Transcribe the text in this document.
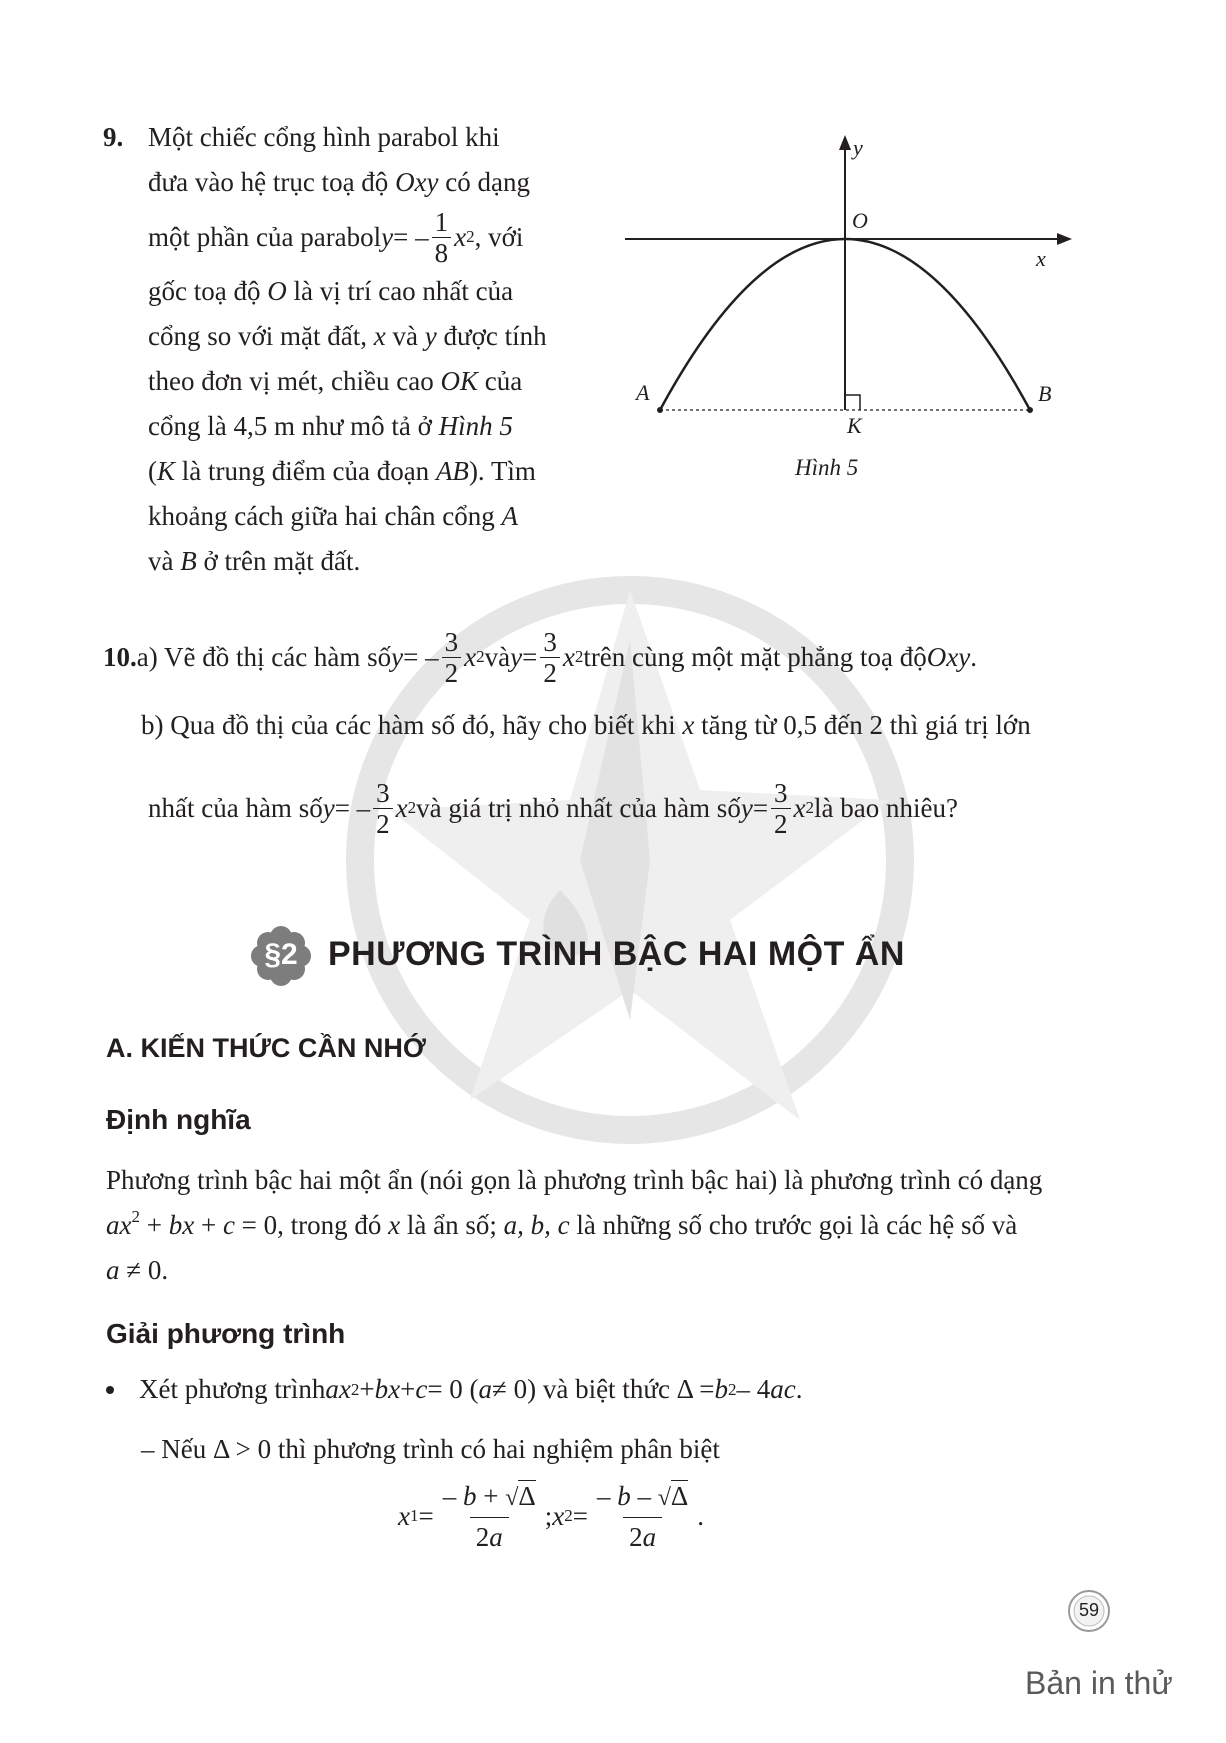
9. Một chiếc cổng hình parabol khi
đưa vào hệ trục toạ độ Oxy có dạng
một phần của parabol y = – $\frac{1}{8}$ x 2 , với
gốc toạ độ O là vị trí cao nhất của
cổng so với mặt đất, x và y được tính
theo đơn vị mét, chiều cao OK của
cổng là 4,5 m như mô tả ở Hình 5
(K là trung điểm của đoạn AB). Tìm
khoảng cách giữa hai chân cổng A
và B ở trên mặt đất.
y
x
O
A	B
K
Hình 5
10. a) Vẽ đồ thị các hàm số y = – $\frac{3}{2}$ x 2 và $y = \frac{3}{2}$ x 2 trên cùng một mặt phẳng toạ độ Oxy .
b) Qua đồ thị của các hàm số đó, hãy cho biết khi x tăng từ 0,5 đến 2 thì giá trị lớn
nhất của hàm số y = – $\frac{3}{2}$ x 2 và giá trị nhỏ nhất của hàm số $y = \frac{3}{2}$ x 2 là bao nhiêu?
§2 PHƯƠNG TRÌNH BẬC HAI MỘT ẨN
A. KIẾN THỨC CẦN NHỚ
Định nghĩa
Phương trình bậc hai một ẩn (nói gọn là phương trình bậc hai) là phương trình có dạng
$ax^2$ + bx + c = 0, trong đó x là ẩn số; a, b, c là những số cho trước gọi là các hệ số và
a ≠ 0.
Giải phương trình
Xét phương trình ax 2 + bx + c = 0 ( a ≠ 0) và biệt thức Δ = b 2 – 4 ac .
– Nếu Δ > 0 thì phương trình có hai nghiệm phân biệt
x $1 = \frac{- b + √\Delta}{2a}$ ; x $2 = \frac{- b - √\Delta}{2a}$ .
59
Bản in thử
